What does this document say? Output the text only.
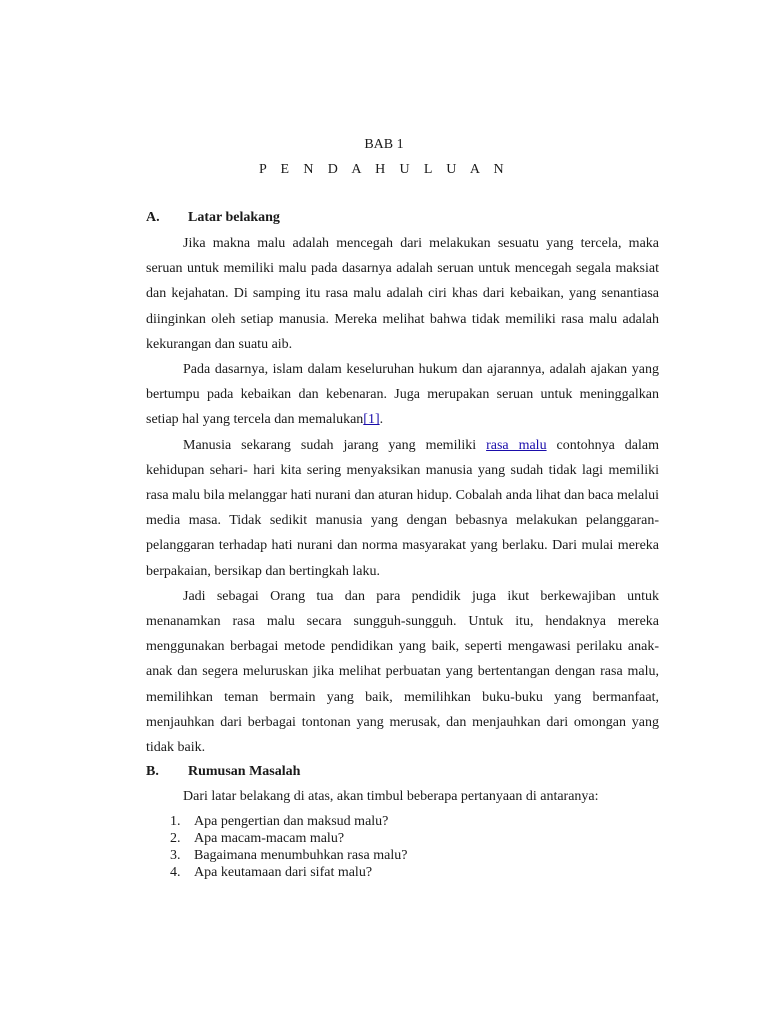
BAB 1
P E N D A H U L U A N
A. Latar belakang

Jika makna malu adalah mencegah dari melakukan sesuatu yang tercela, maka seruan untuk memiliki malu pada dasarnya adalah seruan untuk mencegah segala maksiat dan kejahatan. Di samping itu rasa malu adalah ciri khas dari kebaikan, yang senantiasa diinginkan oleh setiap manusia. Mereka melihat bahwa tidak memiliki rasa malu adalah kekurangan dan suatu aib.

Pada dasarnya, islam dalam keseluruhan hukum dan ajarannya, adalah ajakan yang bertumpu pada kebaikan dan kebenaran. Juga merupakan seruan untuk meninggalkan setiap hal yang tercela dan memalukan[1].

Manusia sekarang sudah jarang yang memiliki rasa malu contohnya dalam kehidupan sehari- hari kita sering menyaksikan manusia yang sudah tidak lagi memiliki rasa malu bila melanggar hati nurani dan aturan hidup. Cobalah anda lihat dan baca melalui media masa. Tidak sedikit manusia yang dengan bebasnya melakukan pelanggaran-pelanggaran terhadap hati nurani dan norma masyarakat yang berlaku. Dari mulai mereka berpakaian, bersikap dan bertingkah laku.

Jadi sebagai Orang tua dan para pendidik juga ikut berkewajiban untuk menanamkan rasa malu secara sungguh-sungguh. Untuk itu, hendaknya mereka menggunakan berbagai metode pendidikan yang baik, seperti mengawasi perilaku anak-anak dan segera meluruskan jika melihat perbuatan yang bertentangan dengan rasa malu, memilihkan teman bermain yang baik, memilihkan buku-buku yang bermanfaat, menjauhkan dari berbagai tontonan yang merusak, dan menjauhkan dari omongan yang tidak baik.

B. Rumusan Masalah
Dari latar belakang di atas, akan timbul beberapa pertanyaan di antaranya:
1. Apa pengertian dan maksud malu?
2. Apa macam-macam malu?
3. Bagaimana menumbuhkan rasa malu?
4. Apa keutamaan dari sifat malu?
